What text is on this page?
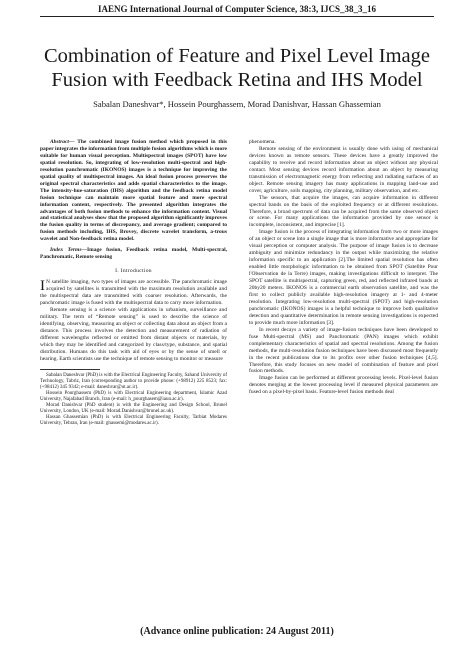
IAENG International Journal of Computer Science, 38:3, IJCS_38_3_16
Combination of Feature and Pixel Level Image Fusion with Feedback Retina and IHS Model
Sabalan Daneshvar*, Hossein Pourghassem, Morad Danishvar, Hassan Ghassemian

Abstract— The combined image fusion method which proposed in this paper integrates the information from multiple fusion algorithms which is more suitable for human visual perception. Multispectral images (SPOT) have low spatial resolution. So, integrating of low-resolution multi-spectral and high-resolution panchromatic (IKONOS) images is a technique for improving the spatial quality of multispectral images. An ideal fusion process preserves the original spectral characteristics and adds spatial characteristics to the image. The intensity-hue-saturation (IHS) algorithm and the feedback retina model fusion technique can maintain more spatial feature and more spectral information content, respectively. The presented algorithm integrates the advantages of both fusion methods to enhance the information content. Visual and statistical analyses show that the proposed algorithm significantly improves the fusion quality in terms of discrepancy, and average gradient; compared to fusion methods including, IHS, Brovey, discrete wavelet transform, a-trous wavelet and Non-feedback retina model.

Index Terms—Image fusion, Feedback retina model, Multi-spectral, Panchromatic, Remote sensing

I. Introduction

I N satellite imaging, two types of images are accessible. The panchromatic image acquired by satellites is transmitted with the maximum resolution available and the multispectral data are transmitted with coarser resolution. Afterwards, the panchromatic image is fused with the multispectral data to carry more information.

Remote sensing is a science with applications in urbanism, surveillance and military. The term of “Remote sensing” is used to describe the science of identifying, observing, measuring an object or collecting data about an object from a distance. This process involves the detection and measurement of radiation of different wavelengths reflected or emitted from distant objects or materials, by which they may be identified and categorized by class/type, substance, and spatial distribution. Humans do this task with aid of eyes or by the sense of smell or hearing. Earth scientists use the technique of remote sensing to monitor or measure

Sabalan Daneshvar (PhD) is with the Electrical Engineering Faculty, Sahand University of Technology, Tabriz, Iran (corresponding author to provide phone: (+98912) 225 8523; fax: (+98412) 345 9342; e-mail: daneshvar@ut.ac.ir).

Hossein Pourghassem (PhD) is with Electrical Engineering department, Islamic Azad University, Najafabad Branch, Iran (e-mail: h_pourghasem@iaun.ac.ir).

Morad Danishvar (PhD student) is with the Engineering and Design School, Brunel University, London, UK (e-mail: Morad.Danishvar@brunel.ac.uk).

Hassan Ghassemian (PhD) is with Electrical Engineering Faculty, Tarbiat Modares University, Tehran, Iran (e-mail: ghassemi@modares.ac.ir).

phenomena.

Remote sensing of the environment is usually done with using of mechanical devices known as remote sensors. These devices have a greatly improved the capability to receive and record information about an object without any physical contact. Most sensing devices record information about an object by measuring transmission of electromagnetic energy from reflecting and radiating surfaces of an object. Remote sensing imagery has many applications in mapping land-use and cover, agriculture, soils mapping, city planning, military observation, and etc.

The sensors, that acquire the images, can acquire information in different spectral bands on the basis of the exploited frequency or at different resolutions. Therefore, a broad spectrum of data can be acquired from the same observed object or scene. For many applications the information provided by one sensor is incomplete, inconsistent, and imprecise [1].

Image fusion is the process of integrating information from two or more images of an object or scene into a single image that is more informative and appropriate for visual perception or computer analysis. The purpose of image fusion is to decrease ambiguity and minimize redundancy in the output while maximizing the relative information specific to an application [2].The limited spatial resolution has often enabled little morphologic information to be obtained from SPOT (Satellite Pour l'Observation de la Terre) images, making investigations difficult to interpret. The SPOT satellite is multispectral, capturing green, red, and reflected infrared bands at 20by20 meters. IKONOS is a commercial earth observation satellite, and was the first to collect publicly available high-resolution imagery at 1- and 4-meter resolution. Integrating low-resolution multi-spectral (SPOT) and high-resolution panchromatic (IKONOS) images is a helpful technique to improve both qualitative detection and quantitative determination in remote sensing investigations is expected to provide much more information [3].

In recent decays a variety of image-fusion techniques have been developed to fuse Multi-spectral (MS) and Panchromatic (PAN) images which exhibit complementary characteristics of spatial and spectral resolutions. Among the fusion methods, the multi-resolution fusion techniques have been discussed most frequently in the recent publications due to its profits over other fusion techniques [4,5]. Therefore, this study focuses on new model of combination of feature and pixel fusion methods.

Image fusion can be performed at different processing levels. Pixel-level fusion denotes merging at the lowest processing level if measured physical parameters are fused on a pixel-by-pixel basis. Feature-level fusion methods deal

(Advance online publication: 24 August 2011)
